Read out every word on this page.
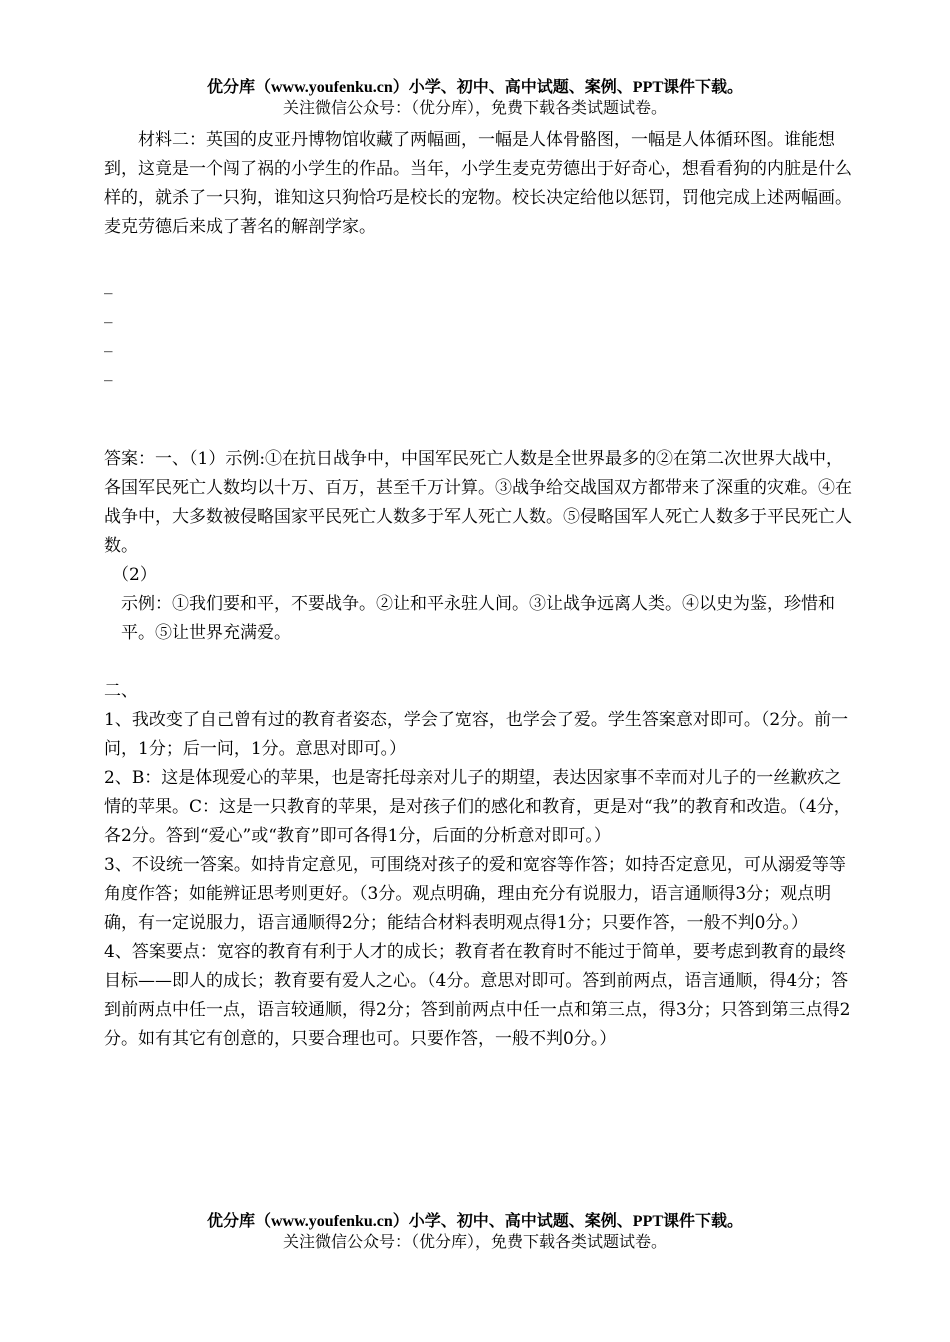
优分库（www.youfenku.cn）小学、初中、高中试题、案例、PPT课件下载。
关注微信公众号：（优分库），免费下载各类试题试卷。

材料二：英国的皮亚丹博物馆收藏了两幅画，一幅是人体骨骼图，一幅是人体循环图。谁能想到，这竟是一个闯了祸的小学生的作品。当年，小学生麦克劳德出于好奇心，想看看狗的内脏是什么样的，就杀了一只狗，谁知这只狗恰巧是校长的宠物。校长决定给他以惩罚，罚他完成上述两幅画。麦克劳德后来成了著名的解剖学家。

_

_

_

_

答案：一、（1）示例:①在抗日战争中，中国军民死亡人数是全世界最多的②在第二次世界大战中，各国军民死亡人数均以十万、百万，甚至千万计算。③战争给交战国双方都带来了深重的灾难。④在战争中，大多数被侵略国家平民死亡人数多于军人死亡人数。⑤侵略国军人死亡人数多于平民死亡人数。

（2）

示例：①我们要和平，不要战争。②让和平永驻人间。③让战争远离人类。④以史为鉴，珍惜和平。⑤让世界充满爱。

二、

1、我改变了自己曾有过的教育者姿态，学会了宽容，也学会了爱。学生答案意对即可。（2分。前一问，1分；后一问，1分。意思对即可。）

2、B：这是体现爱心的苹果，也是寄托母亲对儿子的期望，表达因家事不幸而对儿子的一丝歉疚之情的苹果。C：这是一只教育的苹果，是对孩子们的感化和教育，更是对“我”的教育和改造。（4分，各2分。答到“爱心”或“教育”即可各得1分，后面的分析意对即可。）

3、不设统一答案。如持肯定意见，可围绕对孩子的爱和宽容等作答；如持否定意见，可从溺爱等等角度作答；如能辨证思考则更好。（3分。观点明确，理由充分有说服力，语言通顺得3分；观点明确，有一定说服力，语言通顺得2分；能结合材料表明观点得1分；只要作答，一般不判0分。）

4、答案要点：宽容的教育有利于人才的成长；教育者在教育时不能过于简单，要考虑到教育的最终目标——即人的成长；教育要有爱人之心。（4分。意思对即可。答到前两点，语言通顺，得4分；答到前两点中任一点，语言较通顺，得2分；答到前两点中任一点和第三点，得3分；只答到第三点得2分。如有其它有创意的，只要合理也可。只要作答，一般不判0分。）

优分库（www.youfenku.cn）小学、初中、高中试题、案例、PPT课件下载。
关注微信公众号：（优分库），免费下载各类试题试卷。
